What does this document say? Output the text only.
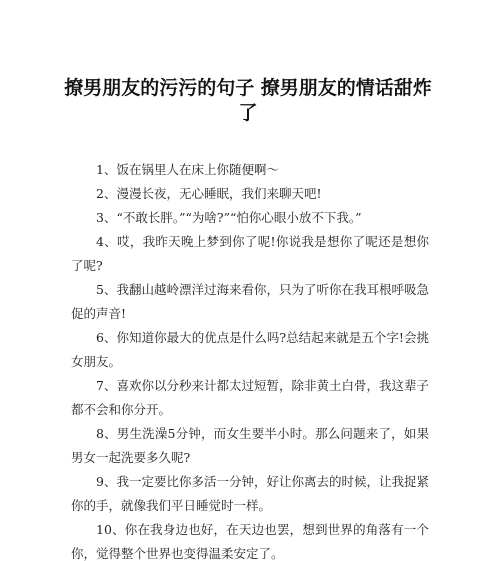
撩男朋友的污污的句子 撩男朋友的情话甜炸了

1、饭在锅里人在床上你随便啊～

2、漫漫长夜，无心睡眠，我们来聊天吧!

3、“不敢长胖。”“为啥?”“怕你心眼小放不下我。”

4、哎，我昨天晚上梦到你了呢!你说我是想你了呢还是想你了呢?

5、我翻山越岭漂洋过海来看你，只为了听你在我耳根呼吸急促的声音!

6、你知道你最大的优点是什么吗?总结起来就是五个字!会挑女朋友。

7、喜欢你以分秒来计都太过短暂，除非黄土白骨，我这辈子都不会和你分开。

8、男生洗澡5分钟，而女生要半小时。那么问题来了，如果男女一起洗要多久呢?

9、我一定要比你多活一分钟，好让你离去的时候，让我捉紧你的手，就像我们平日睡觉时一样。

10、你在我身边也好，在天边也罢，想到世界的角落有一个你，觉得整个世界也变得温柔安定了。
